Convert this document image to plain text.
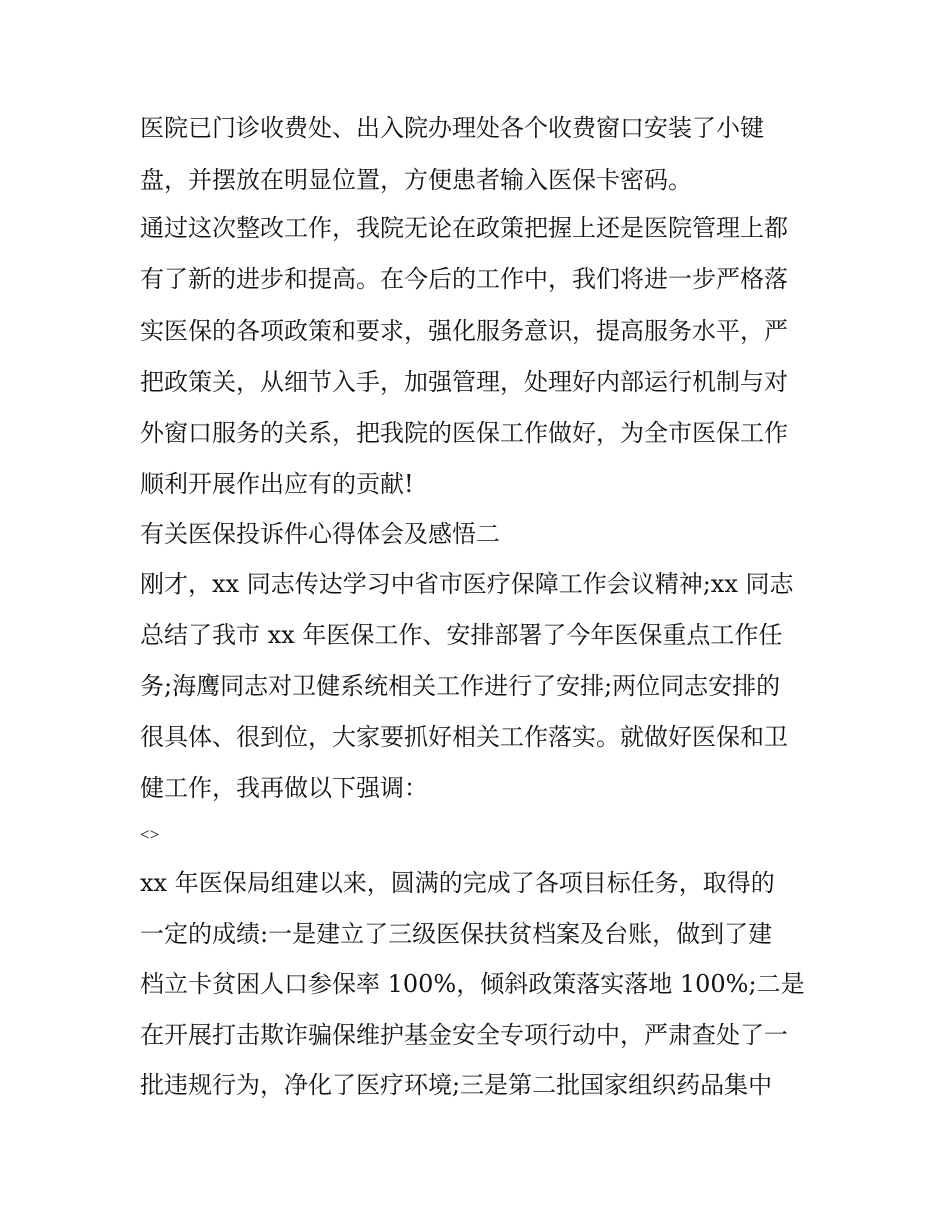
医院已门诊收费处、出入院办理处各个收费窗口安装了小键
盘，并摆放在明显位置，方便患者输入医保卡密码。
通过这次整改工作，我院无论在政策把握上还是医院管理上都
有了新的进步和提高。在今后的工作中，我们将进一步严格落
实医保的各项政策和要求，强化服务意识，提高服务水平，严
把政策关，从细节入手，加强管理，处理好内部运行机制与对
外窗口服务的关系，把我院的医保工作做好，为全市医保工作
顺利开展作出应有的贡献!
有关医保投诉件心得体会及感悟二
刚才，xx 同志传达学习中省市医疗保障工作会议精神;xx 同志
总结了我市 xx 年医保工作、安排部署了今年医保重点工作任
务;海鹰同志对卫健系统相关工作进行了安排;两位同志安排的
很具体、很到位，大家要抓好相关工作落实。就做好医保和卫
健工作，我再做以下强调：
<>
xx 年医保局组建以来，圆满的完成了各项目标任务，取得的
一定的成绩:一是建立了三级医保扶贫档案及台账，做到了建
档立卡贫困人口参保率 100%，倾斜政策落实落地 100%;二是
在开展打击欺诈骗保维护基金安全专项行动中，严肃查处了一
批违规行为，净化了医疗环境;三是第二批国家组织药品集中
